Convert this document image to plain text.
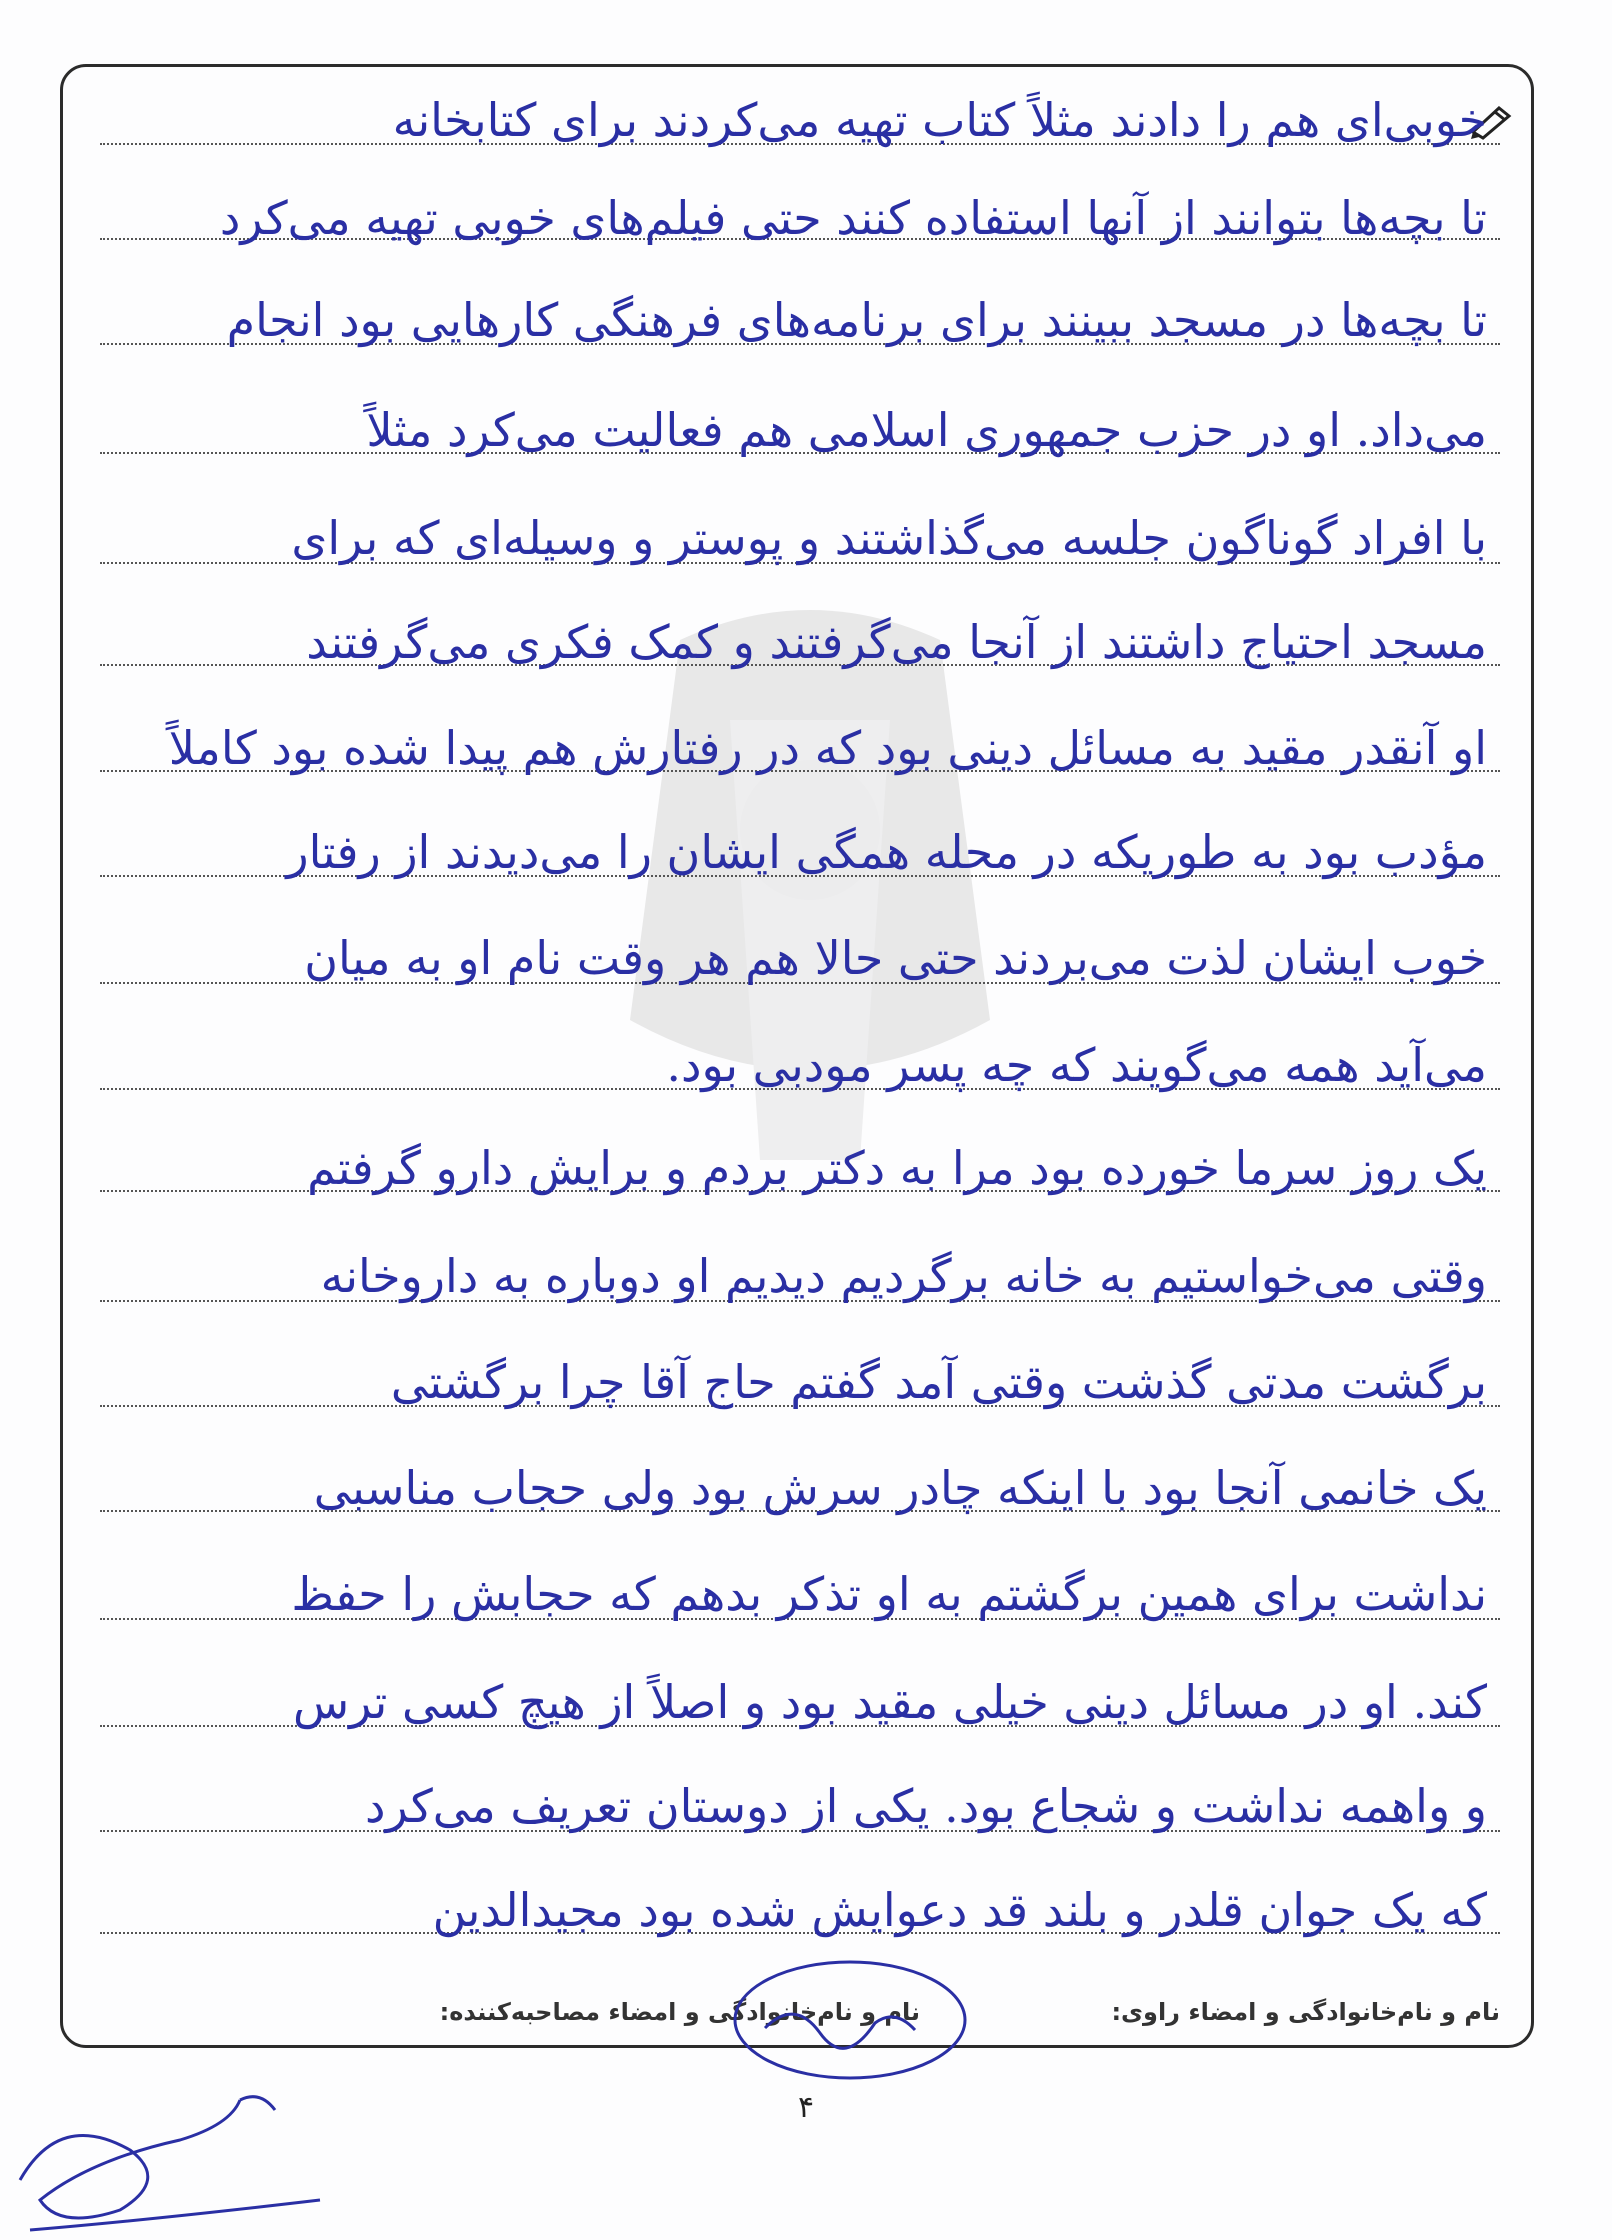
خوبی‌ای هم را دادند مثلاً کتاب تهیه می‌کردند برای کتابخانه
تا بچه‌ها بتوانند از آنها استفاده کنند حتی فیلم‌های خوبی تهیه می‌کرد
تا بچه‌ها در مسجد ببینند برای برنامه‌های فرهنگی کارهایی بود انجام
می‌داد. او در حزب جمهوری اسلامی هم فعالیت می‌کرد مثلاً
با افراد گوناگون جلسه می‌گذاشتند و پوستر و وسیله‌ای که برای
مسجد احتیاج داشتند از آنجا می‌گرفتند و کمک فکری می‌گرفتند
او آنقدر مقید به مسائل دینی بود که در رفتارش هم پیدا شده بود کاملاً
مؤدب بود به طوریکه در محله همگی ایشان را می‌دیدند از رفتار
خوب ایشان لذت می‌بردند حتی حالا هم هر وقت نام او به میان
می‌آید همه می‌گویند که چه پسر مودبی بود.
یک روز سرما خورده بود مرا به دکتر بردم و برایش دارو گرفتم
وقتی می‌خواستیم به خانه برگردیم دیدیم او دوباره به داروخانه
برگشت مدتی گذشت وقتی آمد گفتم حاج آقا چرا برگشتی
یک خانمی آنجا بود با اینکه چادر سرش بود ولی حجاب مناسبی
نداشت برای همین برگشتم به او تذکر بدهم که حجابش را حفظ
کند. او در مسائل دینی خیلی مقید بود و اصلاً از هیچ کسی ترس
و واهمه نداشت و شجاع بود. یکی از دوستان تعریف می‌کرد
که یک جوان قلدر و بلند قد دعوایش شده بود مجیدالدین
نام و نام‌خانوادگی و امضاء راوی:
نام و نام‌خانوادگی و امضاء مصاحبه‌کننده:
۴
